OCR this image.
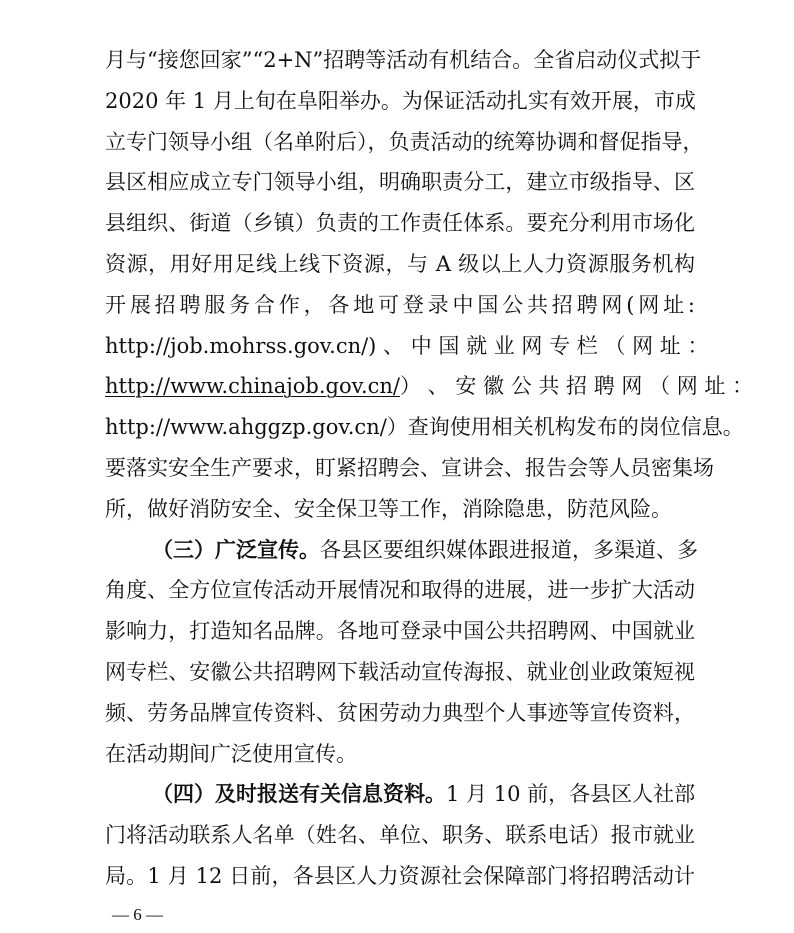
月与“接您回家”“2+N”招聘等活动有机结合。全省启动仪式拟于
2020 年 1 月上旬在阜阳举办。为保证活动扎实有效开展，市成
立专门领导小组（名单附后），负责活动的统筹协调和督促指导，
县区相应成立专门领导小组，明确职责分工，建立市级指导、区
县组织、街道（乡镇）负责的工作责任体系。要充分利用市场化
资源，用好用足线上线下资源，与 A 级以上人力资源服务机构
开展招聘服务合作，各地可登录中国公共招聘网(网址:
http://job.mohrss.gov.cn/) 、 中 国 就 业 网 专 栏 （ 网 址 ：
http://www.chinajob.gov.cn/） 、 安 徽 公 共 招 聘 网 （ 网 址 ：
http://www.ahggzp.gov.cn/）查询使用相关机构发布的岗位信息。
要落实安全生产要求，盯紧招聘会、宣讲会、报告会等人员密集场
所，做好消防安全、安全保卫等工作，消除隐患，防范风险。
（三）广泛宣传。各县区要组织媒体跟进报道，多渠道、多
角度、全方位宣传活动开展情况和取得的进展，进一步扩大活动
影响力，打造知名品牌。各地可登录中国公共招聘网、中国就业
网专栏、安徽公共招聘网下载活动宣传海报、就业创业政策短视
频、劳务品牌宣传资料、贫困劳动力典型个人事迹等宣传资料，
在活动期间广泛使用宣传。
（四）及时报送有关信息资料。1 月 10 前，各县区人社部
门将活动联系人名单（姓名、单位、职务、联系电话）报市就业
局。1 月 12 日前，各县区人力资源社会保障部门将招聘活动计
— 6 —
